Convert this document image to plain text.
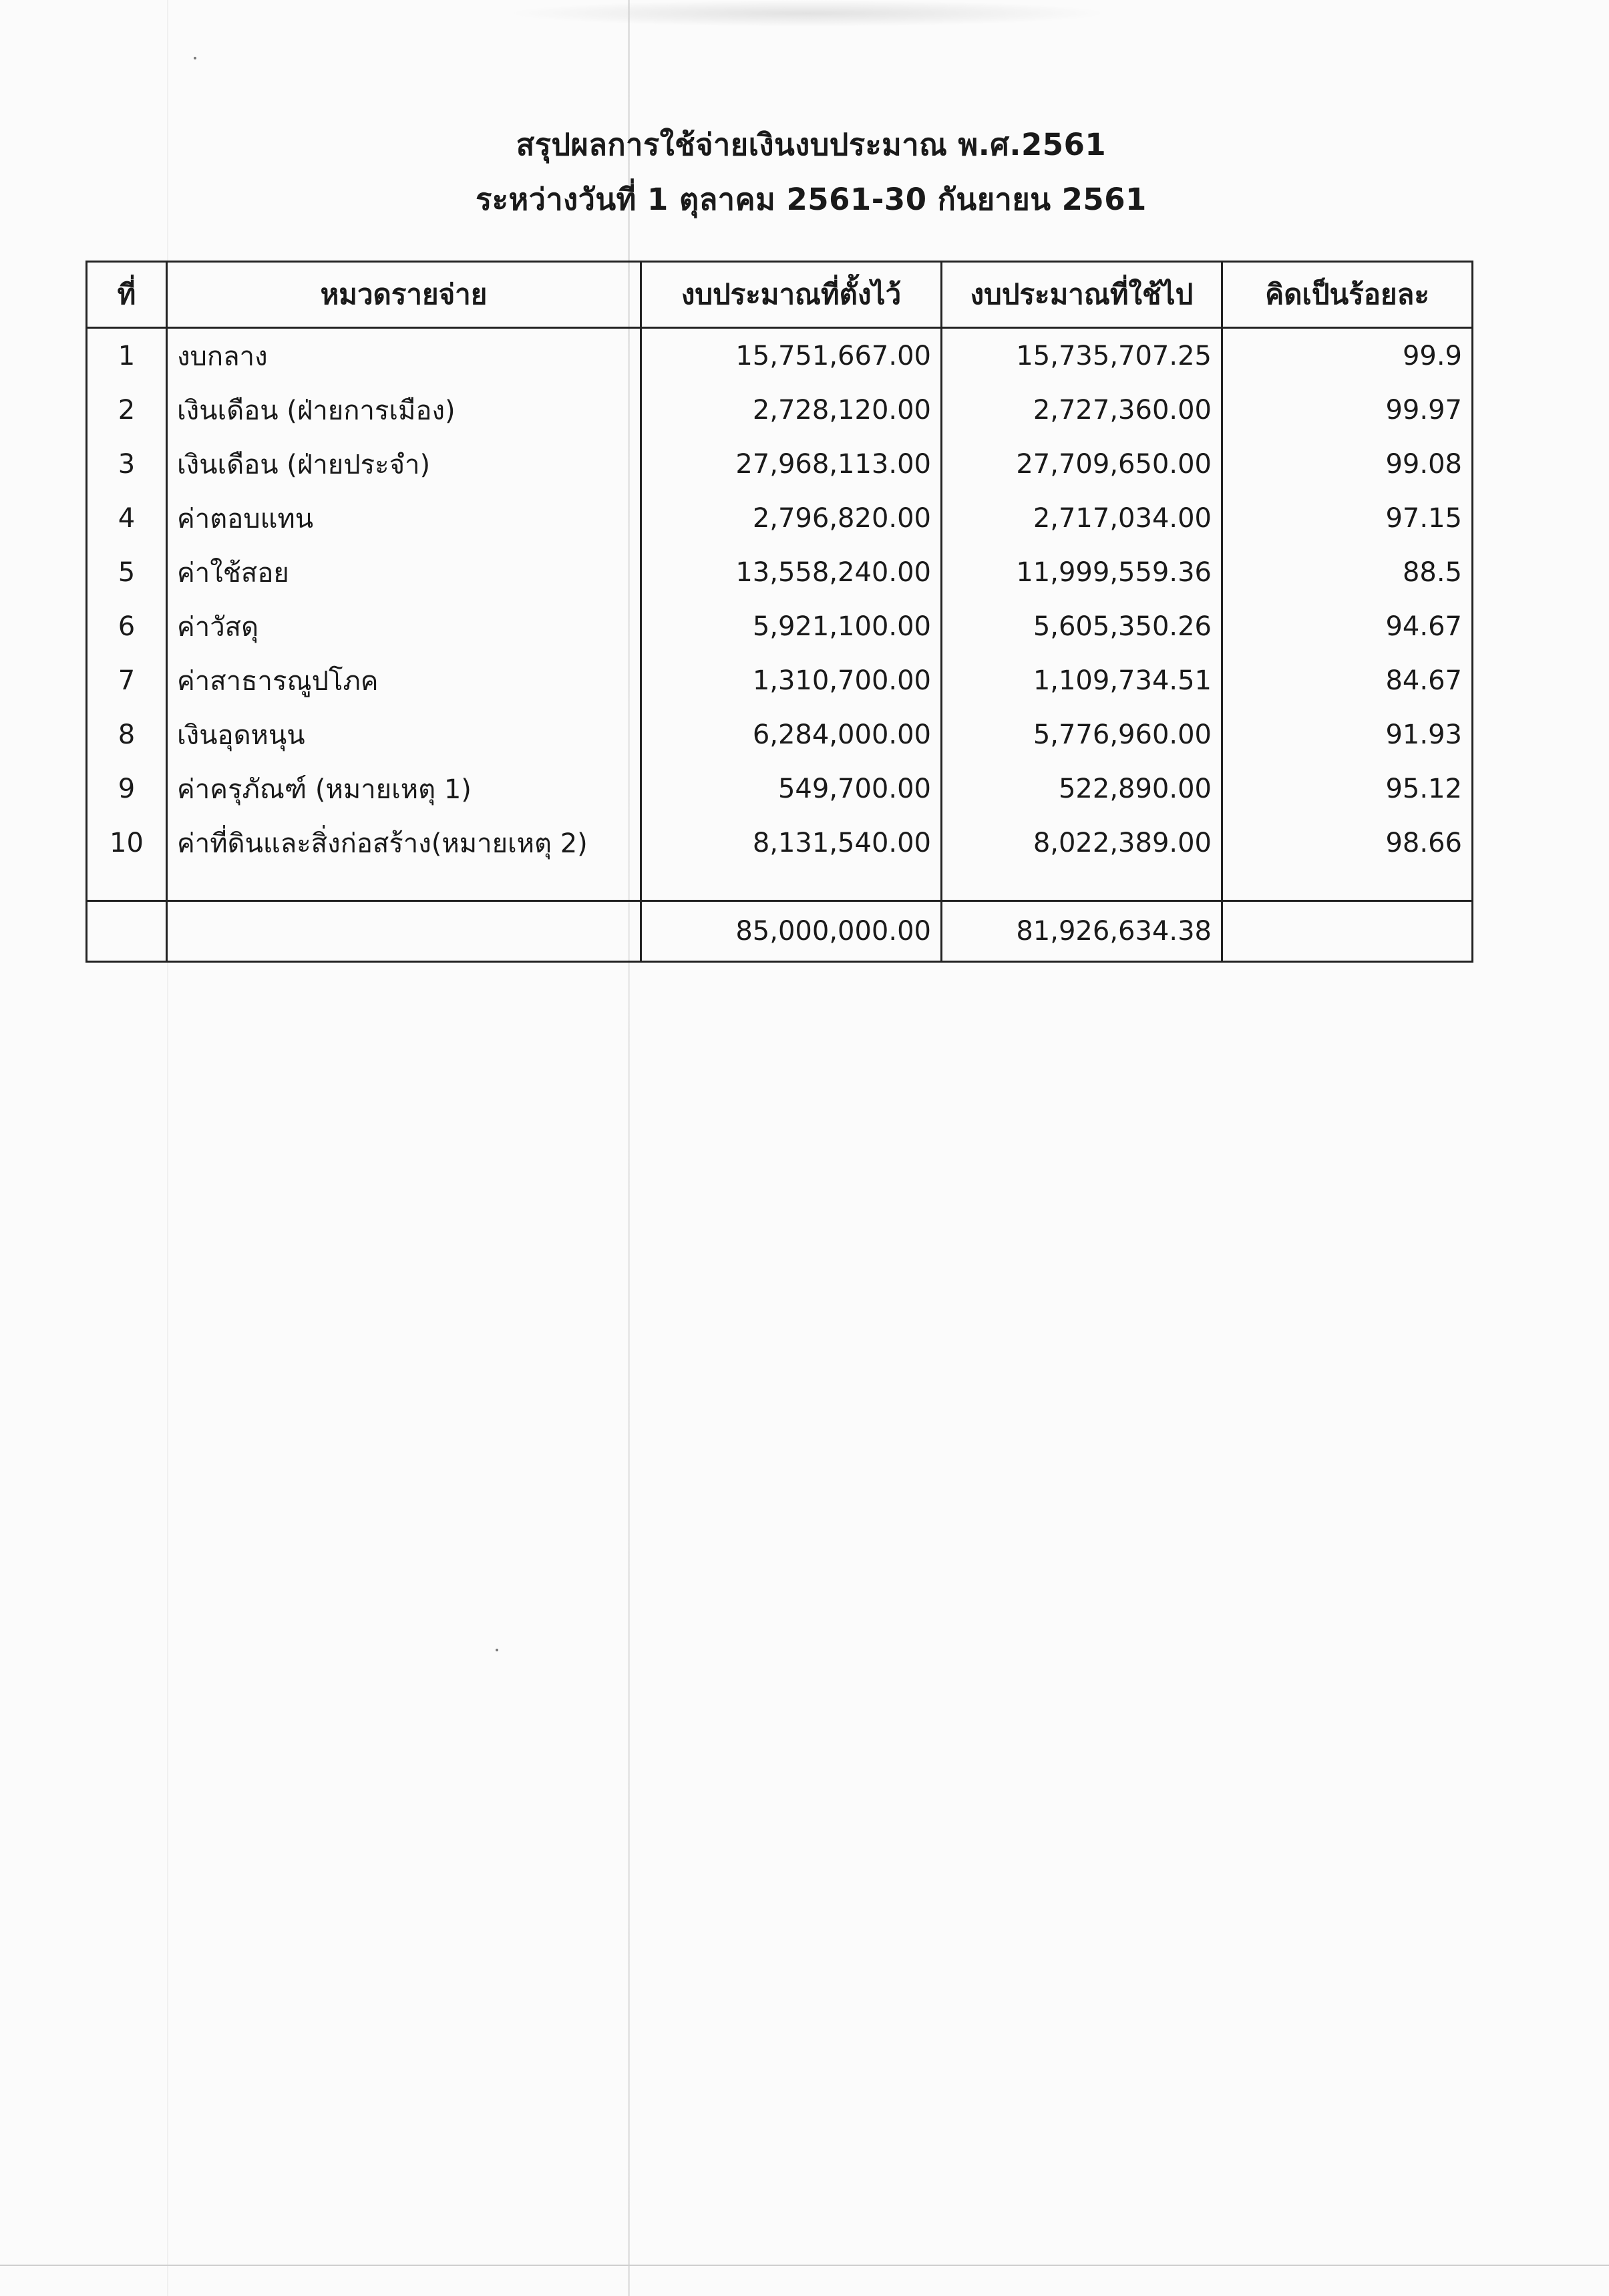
สรุปผลการใช้จ่ายเงินงบประมาณ พ.ศ.2561
ระหว่างวันที่ 1 ตุลาคม 2561-30 กันยายน 2561
ที่	หมวดรายจ่าย	งบประมาณที่ตั้งไว้	งบประมาณที่ใช้ไป	คิดเป็นร้อยละ
1	งบกลาง	15,751,667.00	15,735,707.25	99.9
2	เงินเดือน (ฝ่ายการเมือง)	2,728,120.00	2,727,360.00	99.97
3	เงินเดือน (ฝ่ายประจำ)	27,968,113.00	27,709,650.00	99.08
4	ค่าตอบแทน	2,796,820.00	2,717,034.00	97.15
5	ค่าใช้สอย	13,558,240.00	11,999,559.36	88.5
6	ค่าวัสดุ	5,921,100.00	5,605,350.26	94.67
7	ค่าสาธารณูปโภค	1,310,700.00	1,109,734.51	84.67
8	เงินอุดหนุน	6,284,000.00	5,776,960.00	91.93
9	ค่าครุภัณฑ์ (หมายเหตุ 1)	549,700.00	522,890.00	95.12
10	ค่าที่ดินและสิ่งก่อสร้าง(หมายเหตุ 2)	8,131,540.00	8,022,389.00	98.66

		85,000,000.00	81,926,634.38	
